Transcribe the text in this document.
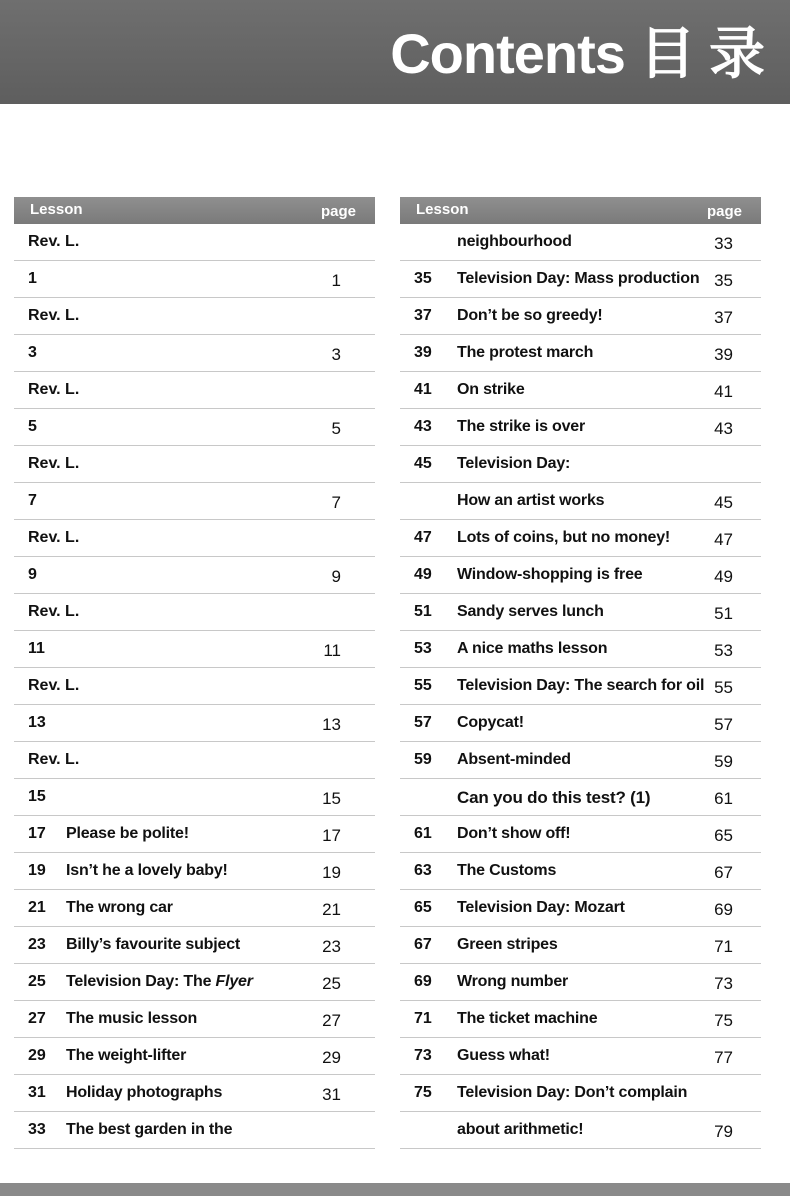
Contents 目 录
Lesson	page
Rev. L.
1	1
Rev. L.
3	3
Rev. L.
5	5
Rev. L.
7	7
Rev. L.
9	9
Rev. L.
11	11
Rev. L.
13	13
Rev. L.
15	15
17 Please be polite!	17
19 Isn’t he a lovely baby!	19
21 The wrong car	21
23 Billy’s favourite subject	23
25 Television Day: The Flyer	25
27 The music lesson	27
29 The weight-lifter	29
31 Holiday photographs	31
33 The best garden in the
Lesson	page
neighbourhood	33
35 Television Day: Mass production 35
37 Don’t be so greedy!	37
39 The protest march	39
41 On strike	41
43 The strike is over	43
45 Television Day:
How an artist works	45
47 Lots of coins, but no money!	47
49 Window-shopping is free	49
51 Sandy serves lunch	51
53 A nice maths lesson	53
55 Television Day: The search for oil 55
57 Copycat!	57
59 Absent-minded	59
Can you do this test? (1)	61
61 Don’t show off!	65
63 The Customs	67
65 Television Day: Mozart	69
67 Green stripes	71
69 Wrong number	73
71 The ticket machine	75
73 Guess what!	77
75 Television Day: Don’t complain
about arithmetic!	79
